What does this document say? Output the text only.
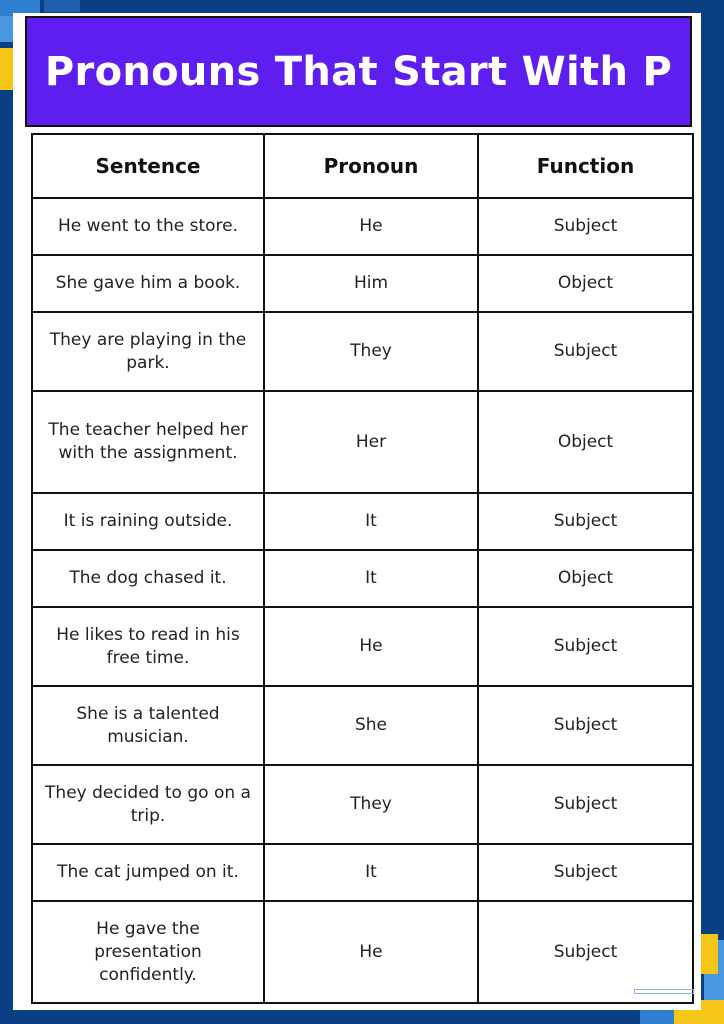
Pronouns That Start With P
Sentence	Pronoun	Function
He went to the store.	He	Subject
She gave him a book.	Him	Object
They are playing in the park.	They	Subject
The teacher helped her with the assignment.	Her	Object
It is raining outside.	It	Subject
The dog chased it.	It	Object
He likes to read in his free time.	He	Subject
She is a talented musician.	She	Subject
They decided to go on a trip.	They	Subject
The cat jumped on it.	It	Subject
He gave the presentation confidently.	He	Subject
